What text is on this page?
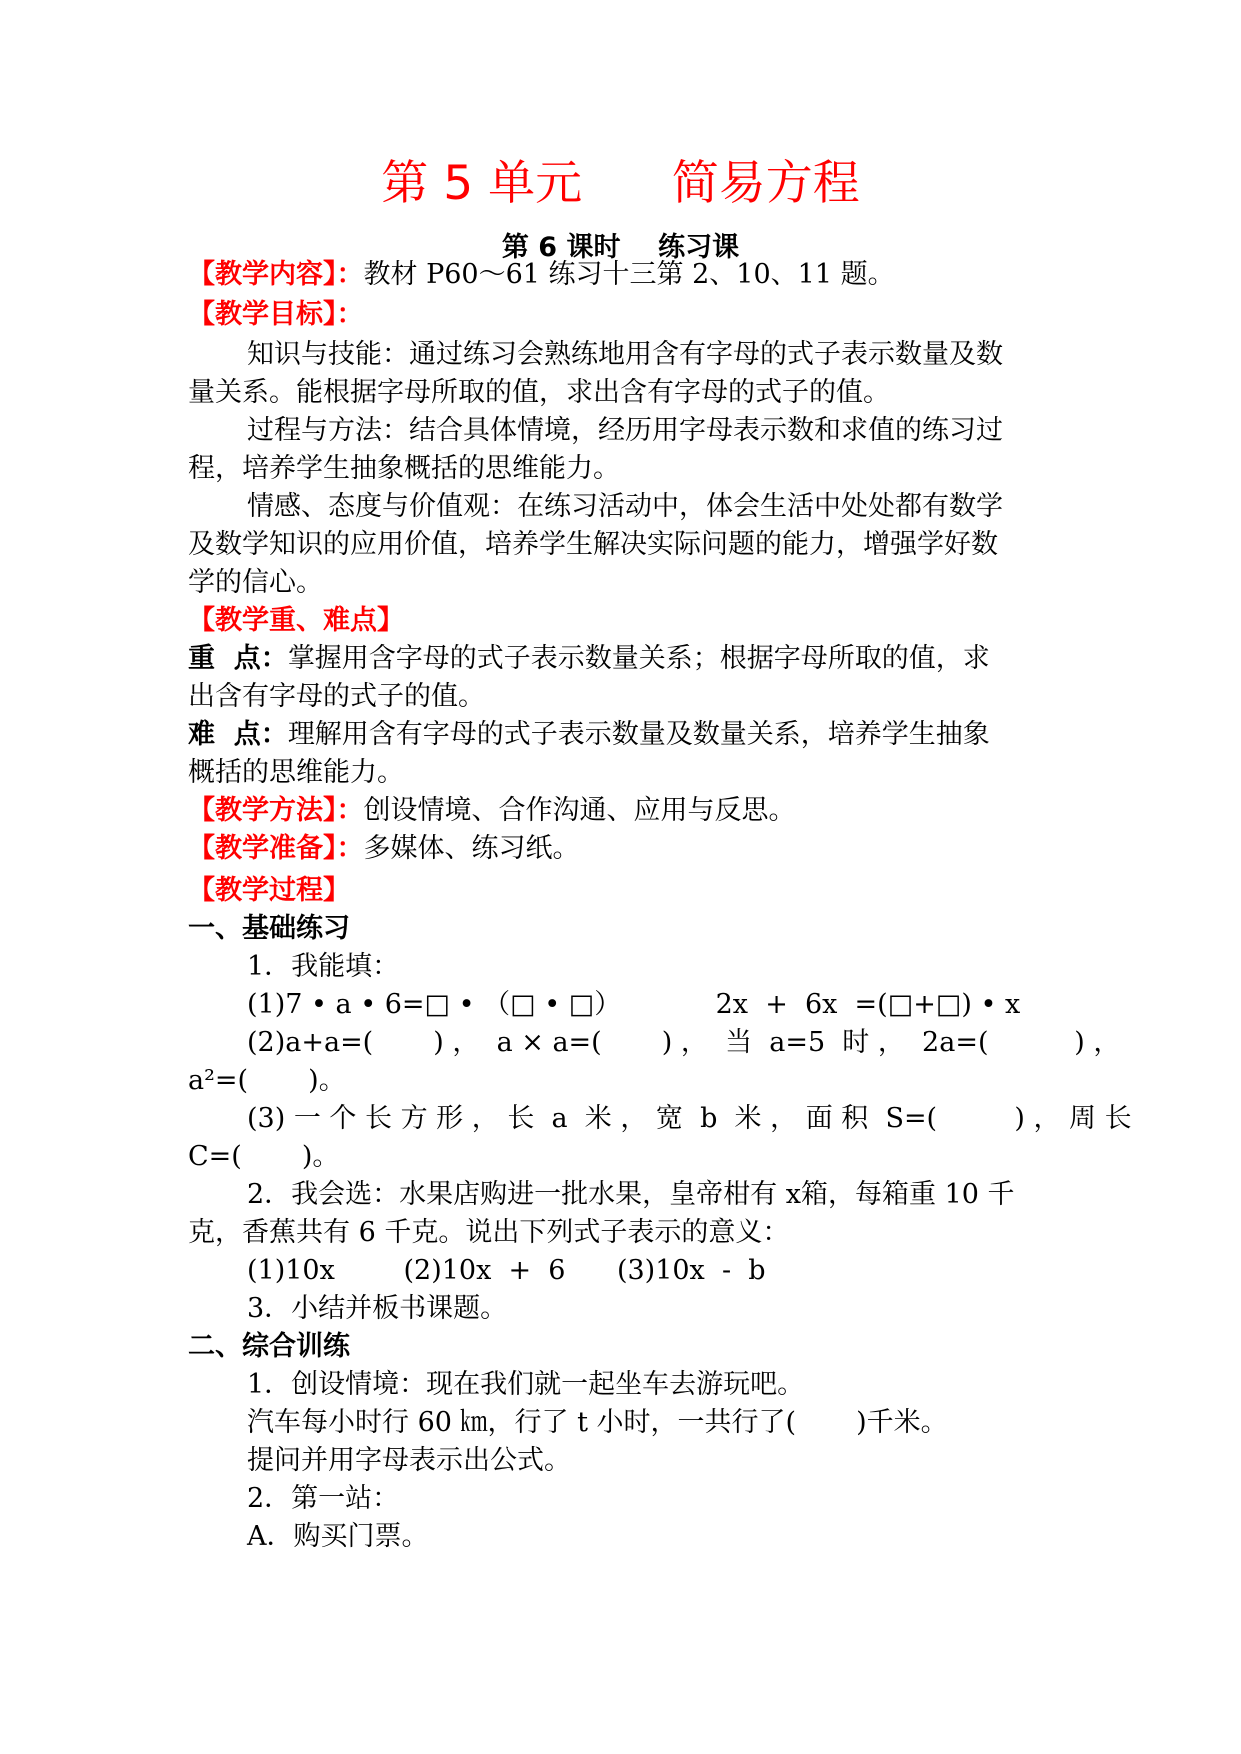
第 5 单元      简易方程
第 6 课时    练习课
【教学内容】：教材 P60～61 练习十三第 2、10、11 题。
【教学目标】：
知识与技能：通过练习会熟练地用含有字母的式子表示数量及数
量关系。能根据字母所取的值，求出含有字母的式子的值。
过程与方法：结合具体情境，经历用字母表示数和求值的练习过
程，培养学生抽象概括的思维能力。
情感、态度与价值观：在练习活动中，体会生活中处处都有数学
及数学知识的应用价值，培养学生解决实际问题的能力，增强学好数
学的信心。
【教学重、难点】
重  点：掌握用含字母的式子表示数量关系；根据字母所取的值，求
出含有字母的式子的值。
难  点：理解用含有字母的式子表示数量及数量关系，培养学生抽象
概括的思维能力。
【教学方法】：创设情境、合作沟通、应用与反思。
【教学准备】：多媒体、练习纸。
【教学过程】
一、基础练习
1．我能填：
(1)7 • a • 6=□ • （□ • □）           2x  +  6x  =(□+□) • x
(2)a+a=(       ) ，  a × a=(       ) ，  当  a=5  时 ，  2a=(          ) ，
a²=(       )。
(3) 一 个 长 方 形 ， 长  a  米 ， 宽  b  米 ， 面 积  S=(         ) ， 周 长
C=(       )。
2．我会选：水果店购进一批水果，皇帝柑有 x箱，每箱重 10 千
克，香蕉共有 6 千克。说出下列式子表示的意义：
(1)10x        (2)10x  +  6      (3)10x  -  b
3．小结并板书课题。
二、综合训练
1．创设情境：现在我们就一起坐车去游玩吧。
汽车每小时行 60 ㎞，行了 t 小时，一共行了(       )千米。
提问并用字母表示出公式。
2．第一站：
A．购买门票。
